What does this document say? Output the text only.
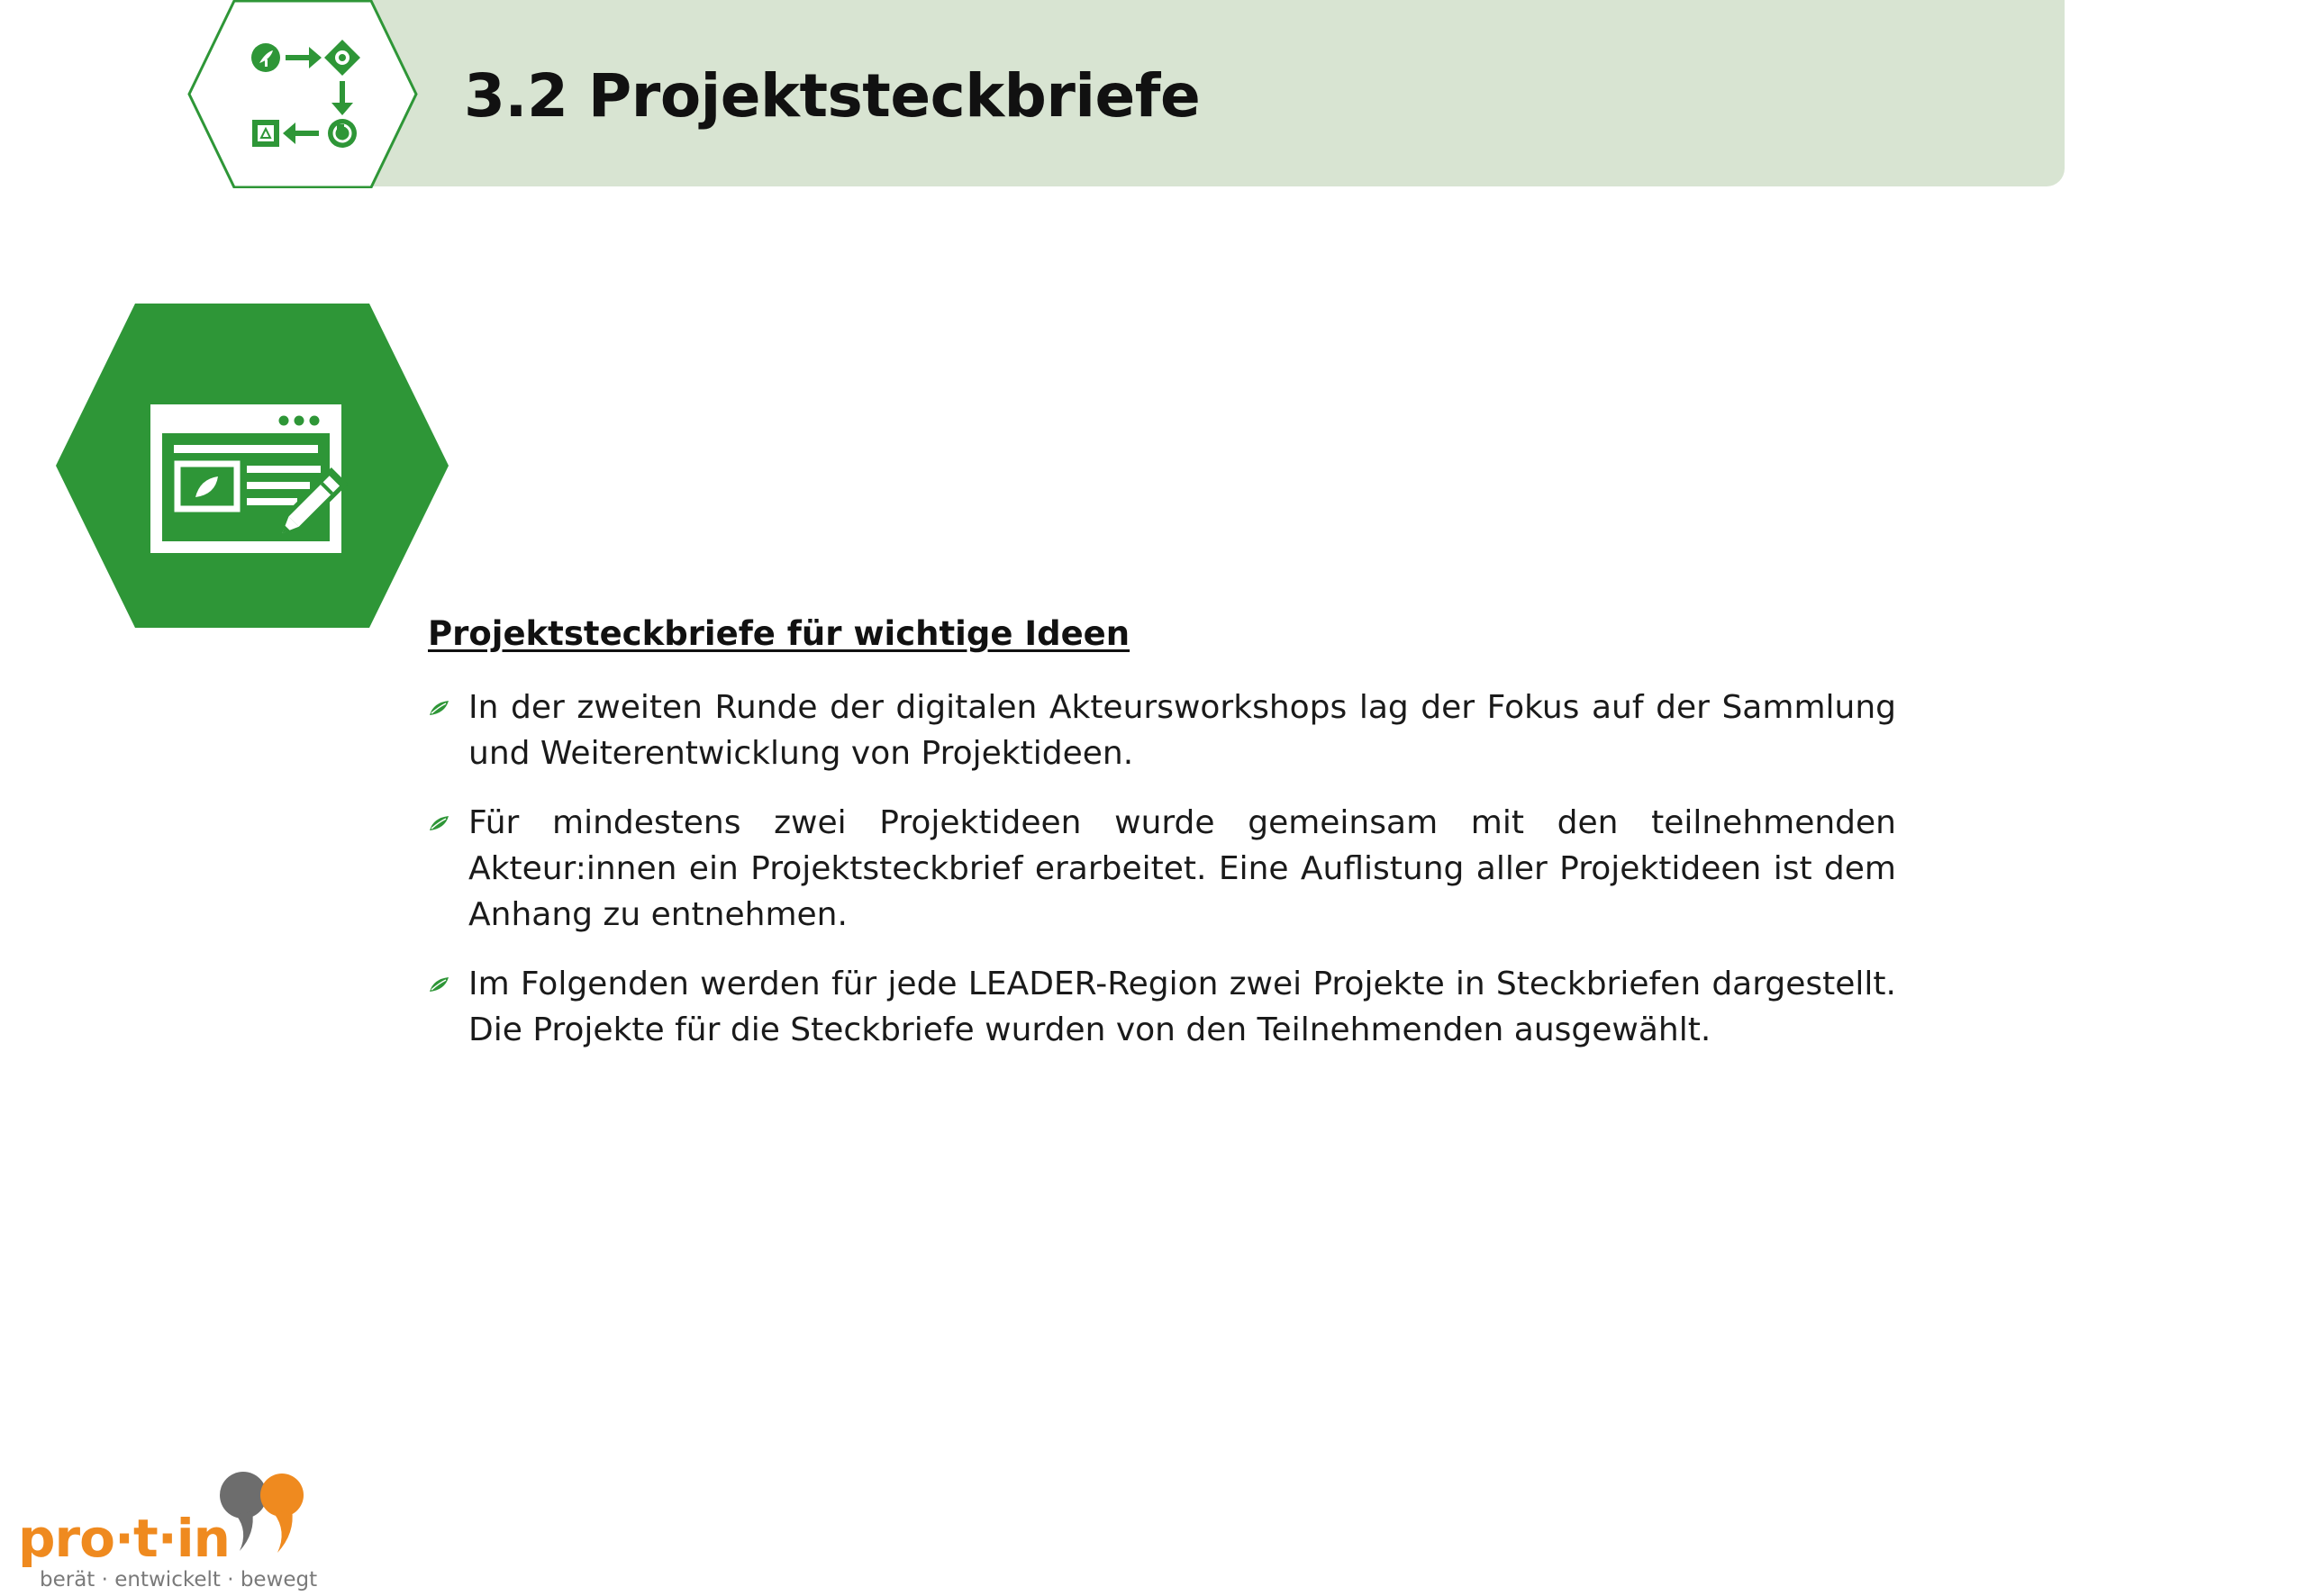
3.2 Projektsteckbriefe
Projektsteckbriefe für wichtige Ideen
In der zweiten Runde der digitalen Akteursworkshops lag der Fokus auf der Sammlung und Weiterentwicklung von Projektideen.
Für mindestens zwei Projektideen wurde gemeinsam mit den teilnehmenden Akteur:innen ein Projektsteckbrief erarbeitet. Eine Auflistung aller Projektideen ist dem Anhang zu entnehmen.
Im Folgenden werden für jede LEADER-Region zwei Projekte in Steckbriefen dargestellt. Die Projekte für die Steckbriefe wurden von den Teilnehmenden ausgewählt.

pro·t·in

berät · entwickelt · bewegt
